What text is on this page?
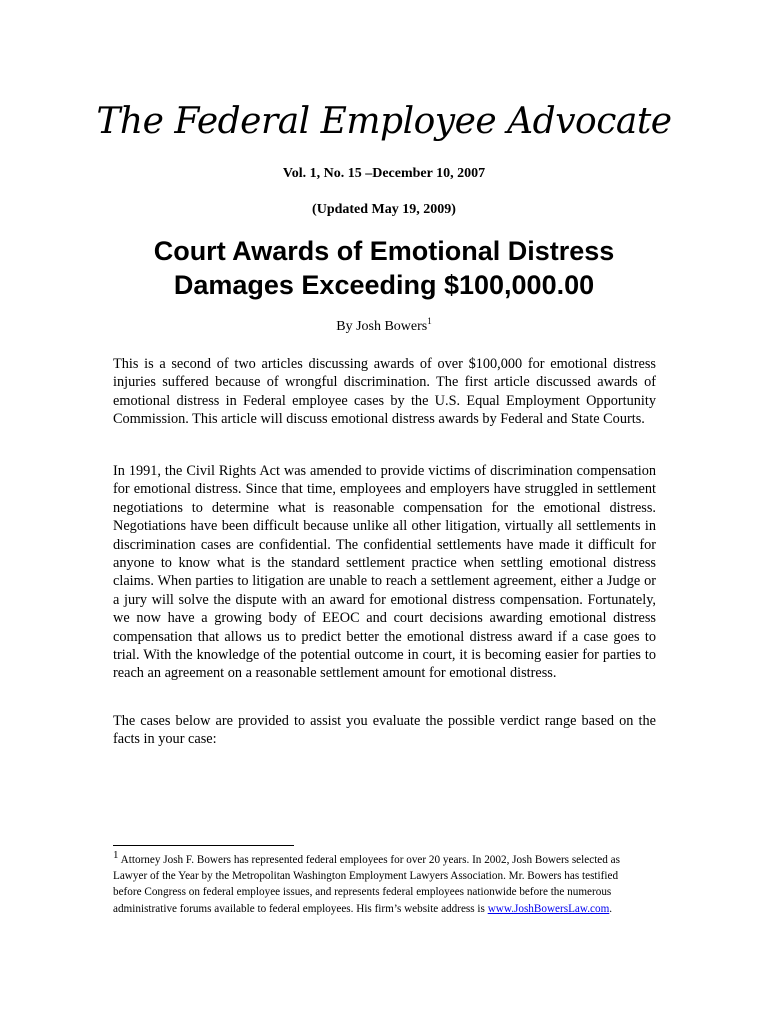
The Federal Employee Advocate
Vol. 1, No. 15 –December 10, 2007
(Updated May 19, 2009)
Court Awards of Emotional Distress
Damages Exceeding $100,000.00
By Josh Bowers$^1$

This is a second of two articles discussing awards of over $100,000 for emotional distress injuries suffered because of wrongful discrimination. The first article discussed awards of emotional distress in Federal employee cases by the U.S. Equal Employment Opportunity Commission. This article will discuss emotional distress awards by Federal and State Courts.

In 1991, the Civil Rights Act was amended to provide victims of discrimination compensation for emotional distress. Since that time, employees and employers have struggled in settlement negotiations to determine what is reasonable compensation for the emotional distress. Negotiations have been difficult because unlike all other litigation, virtually all settlements in discrimination cases are confidential. The confidential settlements have made it difficult for anyone to know what is the standard settlement practice when settling emotional distress claims. When parties to litigation are unable to reach a settlement agreement, either a Judge or a jury will solve the dispute with an award for emotional distress compensation. Fortunately, we now have a growing body of EEOC and court decisions awarding emotional distress compensation that allows us to predict better the emotional distress award if a case goes to trial. With the knowledge of the potential outcome in court, it is becoming easier for parties to reach an agreement on a reasonable settlement amount for emotional distress.

The cases below are provided to assist you evaluate the possible verdict range based on the facts in your case:

$^1$ Attorney Josh F. Bowers has represented federal employees for over 20 years. In 2002, Josh Bowers selected as Lawyer of the Year by the Metropolitan Washington Employment Lawyers Association. Mr. Bowers has testified before Congress on federal employee issues, and represents federal employees nationwide before the numerous administrative forums available to federal employees. His firm’s website address is www.JoshBowersLaw.com.
